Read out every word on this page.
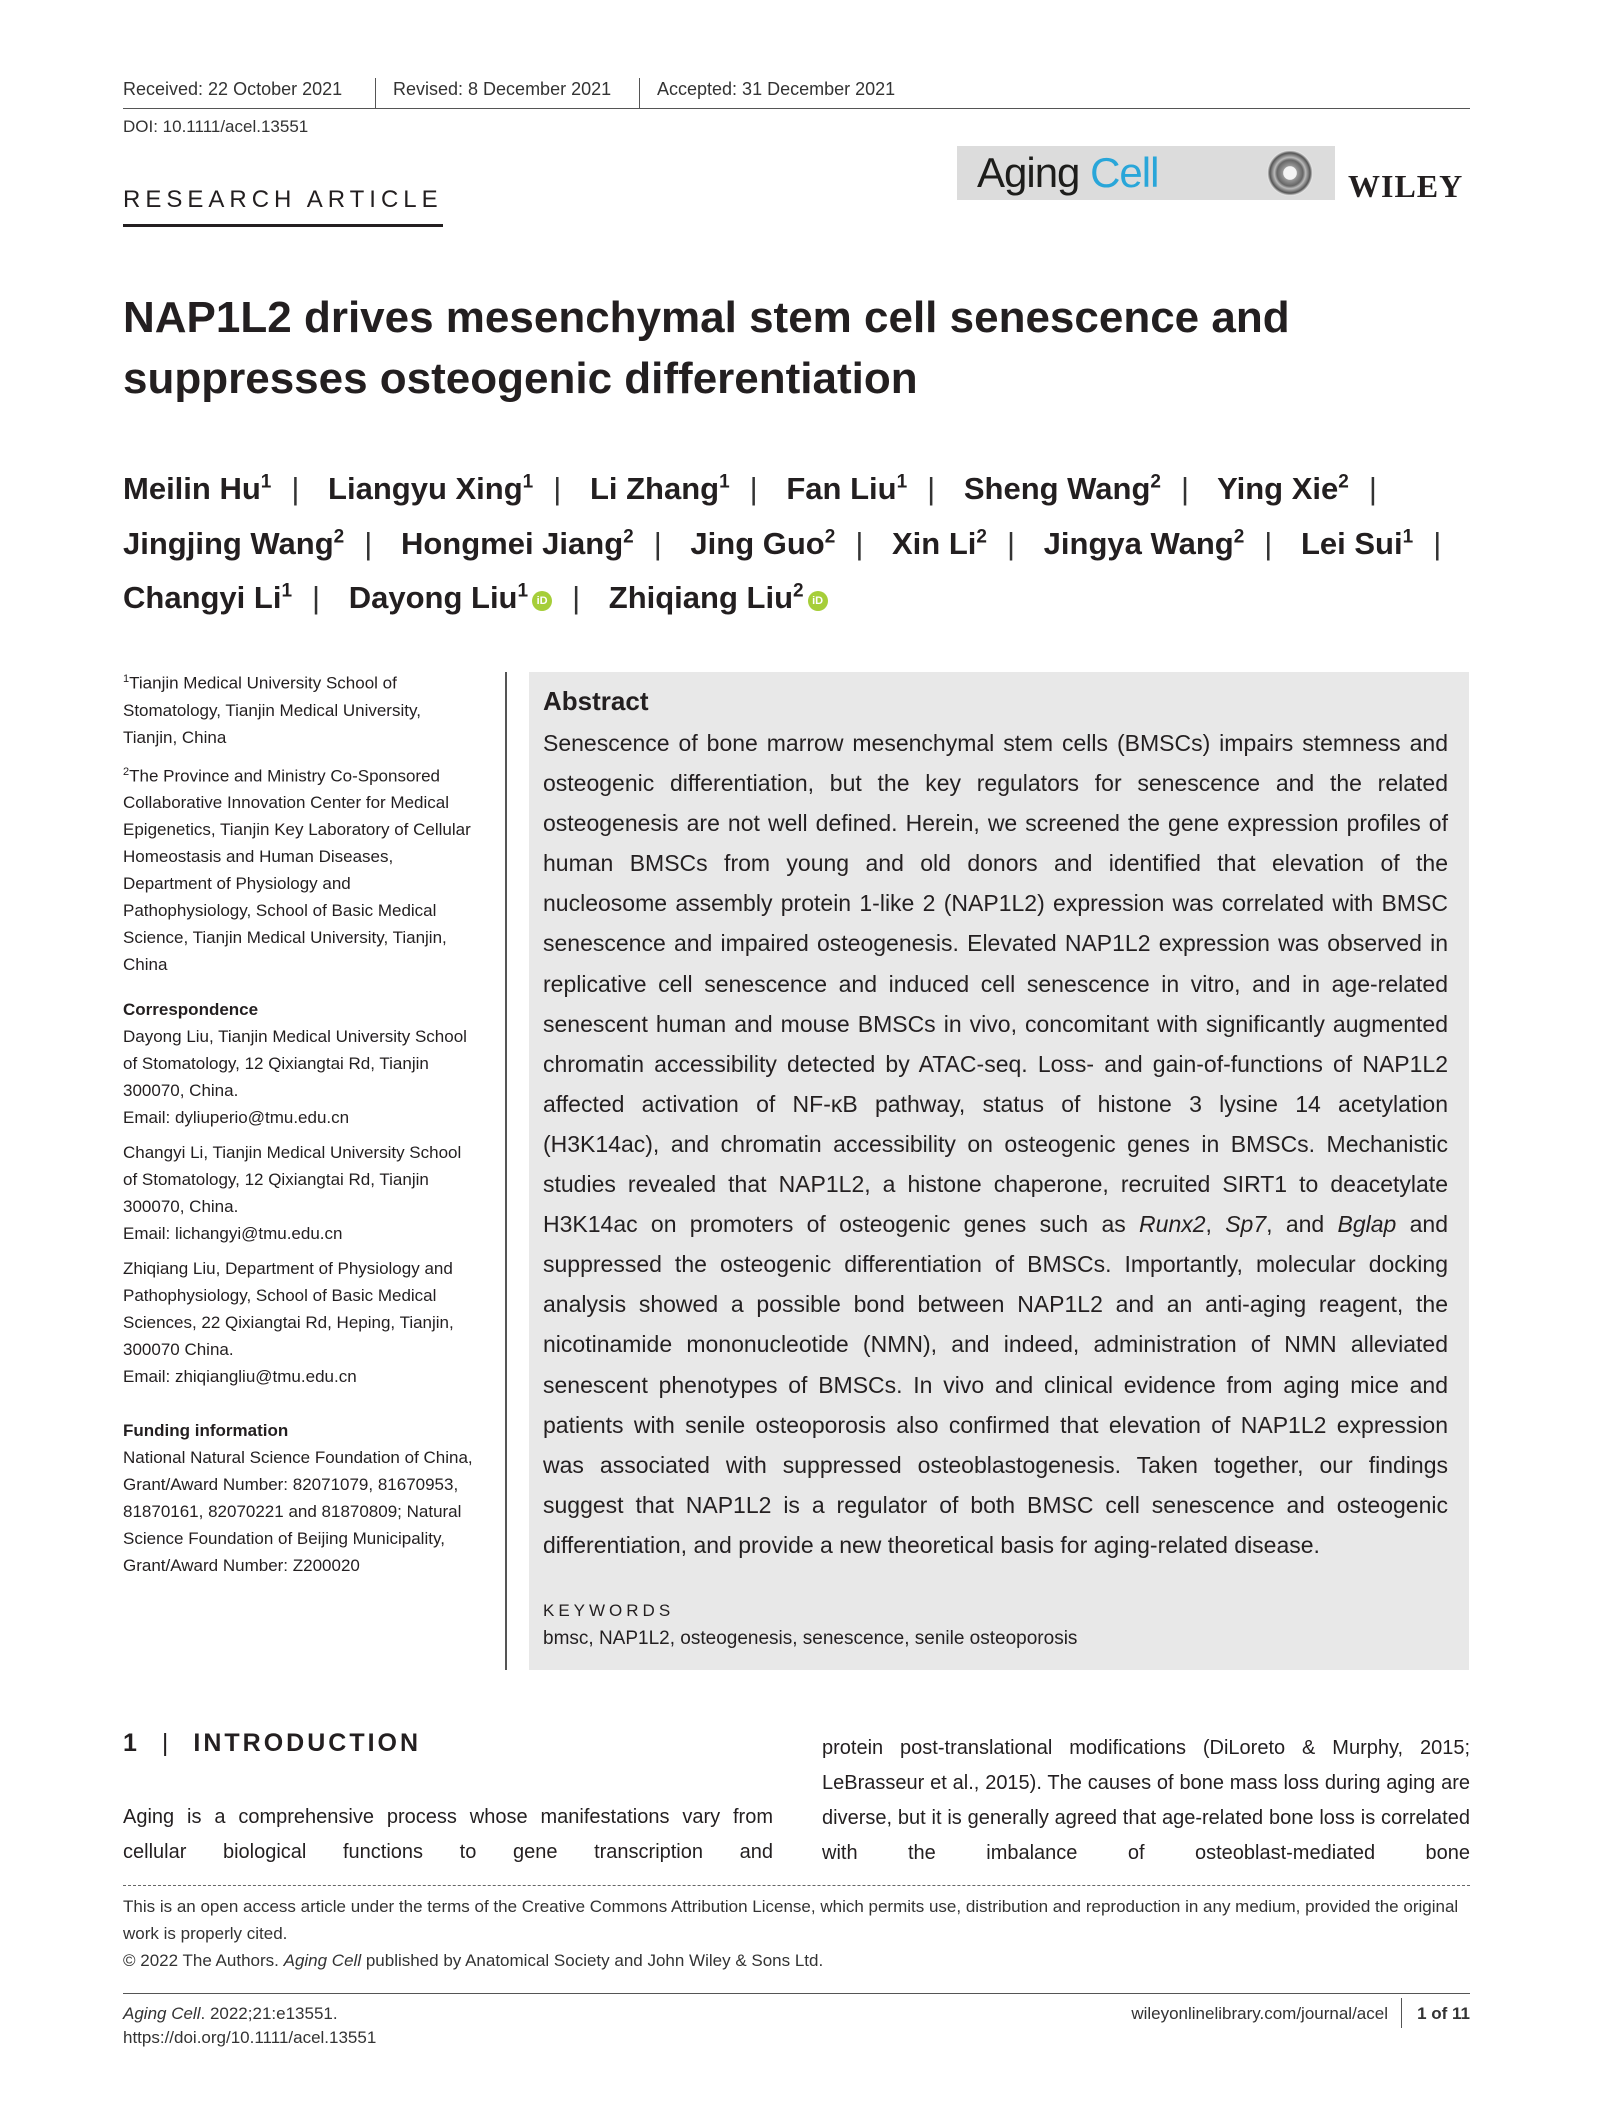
Received: 22 October 2021	Revised: 8 December 2021	Accepted: 31 December 2021
DOI: 10.1111/acel.13551
RESEARCH ARTICLE
Aging Cell	WILEY
NAP1L2 drives mesenchymal stem cell senescence and suppresses osteogenic differentiation
Meilin Hu$^1$ | Liangyu Xing$^1$ | Li Zhang$^1$ | Fan Liu$^1$ | Sheng Wang$^2$ | Ying Xie$^2$ | Jingjing Wang$^2$ | Hongmei Jiang$^2$ | Jing Guo$^2$ | Xin Li$^2$ | Jingya Wang$^2$ | Lei Sui$^1$ | Changyi Li$^1$ | Dayong Liu$^1$ iD | Zhiqiang Liu$^2$ iD

$^1$Tianjin Medical University School of Stomatology, Tianjin Medical University, Tianjin, China

$^2$The Province and Ministry Co-Sponsored Collaborative Innovation Center for Medical Epigenetics, Tianjin Key Laboratory of Cellular Homeostasis and Human Diseases, Department of Physiology and Pathophysiology, School of Basic Medical Science, Tianjin Medical University, Tianjin, China

Correspondence

Dayong Liu, Tianjin Medical University School of Stomatology, 12 Qixiangtai Rd, Tianjin 300070, China.

Email: dyliuperio@tmu.edu.cn

Changyi Li, Tianjin Medical University School of Stomatology, 12 Qixiangtai Rd, Tianjin 300070, China.

Email: lichangyi@tmu.edu.cn

Zhiqiang Liu, Department of Physiology and Pathophysiology, School of Basic Medical Sciences, 22 Qixiangtai Rd, Heping, Tianjin, 300070 China.

Email: zhiqiangliu@tmu.edu.cn

Funding information

National Natural Science Foundation of China, Grant/Award Number: 82071079, 81670953, 81870161, 82070221 and 81870809; Natural Science Foundation of Beijing Municipality, Grant/Award Number: Z200020

Abstract
Senescence of bone marrow mesenchymal stem cells (BMSCs) impairs stemness and osteogenic differentiation, but the key regulators for senescence and the related osteogenesis are not well defined. Herein, we screened the gene expression profiles of human BMSCs from young and old donors and identified that elevation of the nucleosome assembly protein 1-like 2 (NAP1L2) expression was correlated with BMSC senescence and impaired osteogenesis. Elevated NAP1L2 expression was observed in replicative cell senescence and induced cell senescence in vitro, and in age-related senescent human and mouse BMSCs in vivo, concomitant with significantly augmented chromatin accessibility detected by ATAC-seq. Loss- and gain-of-functions of NAP1L2 affected activation of NF-κB pathway, status of histone 3 lysine 14 acetylation (H3K14ac), and chromatin accessibility on osteogenic genes in BMSCs. Mechanistic studies revealed that NAP1L2, a histone chaperone, recruited SIRT1 to deacetylate H3K14ac on promoters of osteogenic genes such as Runx2, Sp7, and Bglap and suppressed the osteogenic differentiation of BMSCs. Importantly, molecular docking analysis showed a possible bond between NAP1L2 and an anti-aging reagent, the nicotinamide mononucleotide (NMN), and indeed, administration of NMN alleviated senescent phenotypes of BMSCs. In vivo and clinical evidence from aging mice and patients with senile osteoporosis also confirmed that elevation of NAP1L2 expression was associated with suppressed osteoblastogenesis. Taken together, our findings suggest that NAP1L2 is a regulator of both BMSC cell senescence and osteogenic differentiation, and provide a new theoretical basis for aging-related disease.
KEYWORDS
bmsc, NAP1L2, osteogenesis, senescence, senile osteoporosis
1 | INTRODUCTION
Aging is a comprehensive process whose manifestations vary from cellular biological functions to gene transcription and
protein post-translational modifications (DiLoreto & Murphy, 2015; LeBrasseur et al., 2015). The causes of bone mass loss during aging are diverse, but it is generally agreed that age-related bone loss is correlated with the imbalance of osteoblast-mediated bone

This is an open access article under the terms of the Creative Commons Attribution License, which permits use, distribution and reproduction in any medium, provided the original work is properly cited.

© 2022 The Authors. Aging Cell published by Anatomical Society and John Wiley & Sons Ltd.

Aging Cell. 2022;21:e13551.
https://doi.org/10.1111/acel.13551
wileyonlinelibrary.com/journal/acel 1 of 11
